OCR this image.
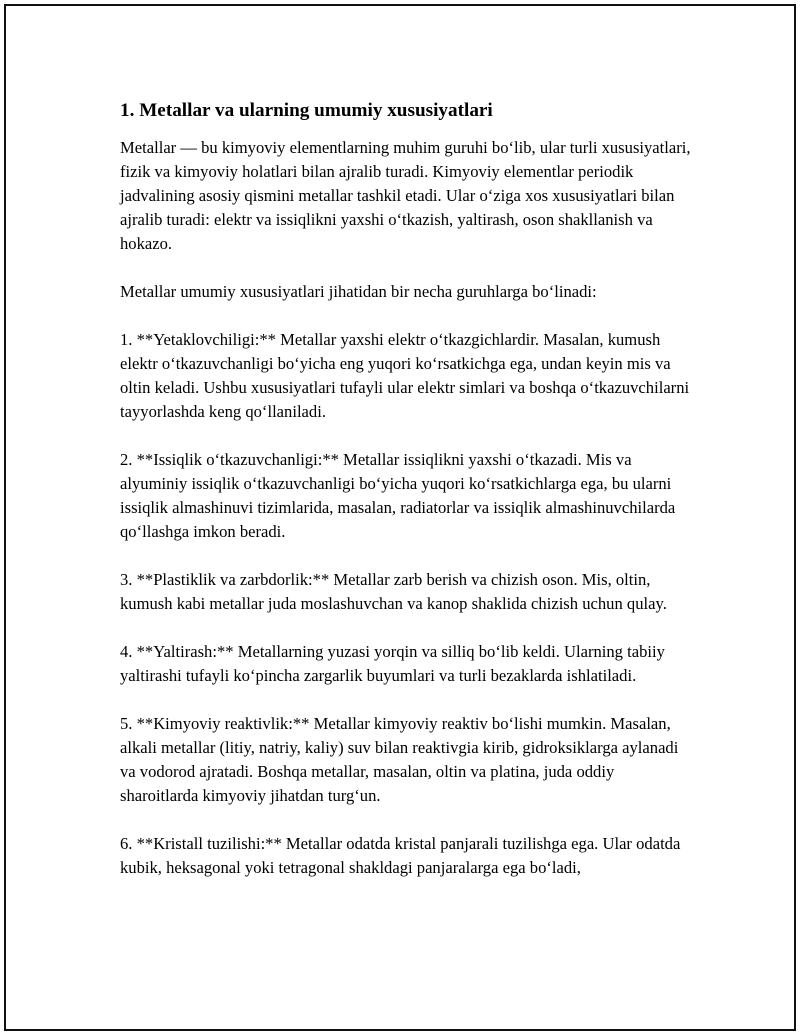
1. Metallar va ularning umumiy xususiyatlari

Metallar — bu kimyoviy elementlarning muhim guruhi boʻlib, ular turli xususiyatlari, fizik va kimyoviy holatlari bilan ajralib turadi. Kimyoviy elementlar periodik jadvalining asosiy qismini metallar tashkil etadi. Ular oʻziga xos xususiyatlari bilan ajralib turadi: elektr va issiqlikni yaxshi oʻtkazish, yaltirash, oson shakllanish va hokazo.

Metallar umumiy xususiyatlari jihatidan bir necha guruhlarga boʻlinadi:

1. **Yetaklovchiligi:** Metallar yaxshi elektr oʻtkazgichlardir. Masalan, kumush elektr oʻtkazuvchanligi boʻyicha eng yuqori koʻrsatkichga ega, undan keyin mis va oltin keladi. Ushbu xususiyatlari tufayli ular elektr simlari va boshqa oʻtkazuvchilarni tayyorlashda keng qoʻllaniladi.

2. **Issiqlik oʻtkazuvchanligi:** Metallar issiqlikni yaxshi oʻtkazadi. Mis va alyuminiy issiqlik oʻtkazuvchanligi boʻyicha yuqori koʻrsatkichlarga ega, bu ularni issiqlik almashinuvi tizimlarida, masalan, radiatorlar va issiqlik almashinuvchilarda qoʻllashga imkon beradi.

3. **Plastiklik va zarbdorlik:** Metallar zarb berish va chizish oson. Mis, oltin, kumush kabi metallar juda moslashuvchan va kanop shaklida chizish uchun qulay.

4. **Yaltirash:** Metallarning yuzasi yorqin va silliq boʻlib keldi. Ularning tabiiy yaltirashi tufayli koʻpincha zargarlik buyumlari va turli bezaklarda ishlatiladi.

5. **Kimyoviy reaktivlik:** Metallar kimyoviy reaktiv boʻlishi mumkin. Masalan, alkali metallar (litiy, natriy, kaliy) suv bilan reaktivgia kirib, gidroksiklarga aylanadi va vodorod ajratadi. Boshqa metallar, masalan, oltin va platina, juda oddiy sharoitlarda kimyoviy jihatdan turgʻun.

6. **Kristall tuzilishi:** Metallar odatda kristal panjarali tuzilishga ega. Ular odatda kubik, heksagonal yoki tetragonal shakldagi panjaralarga ega boʻladi,
